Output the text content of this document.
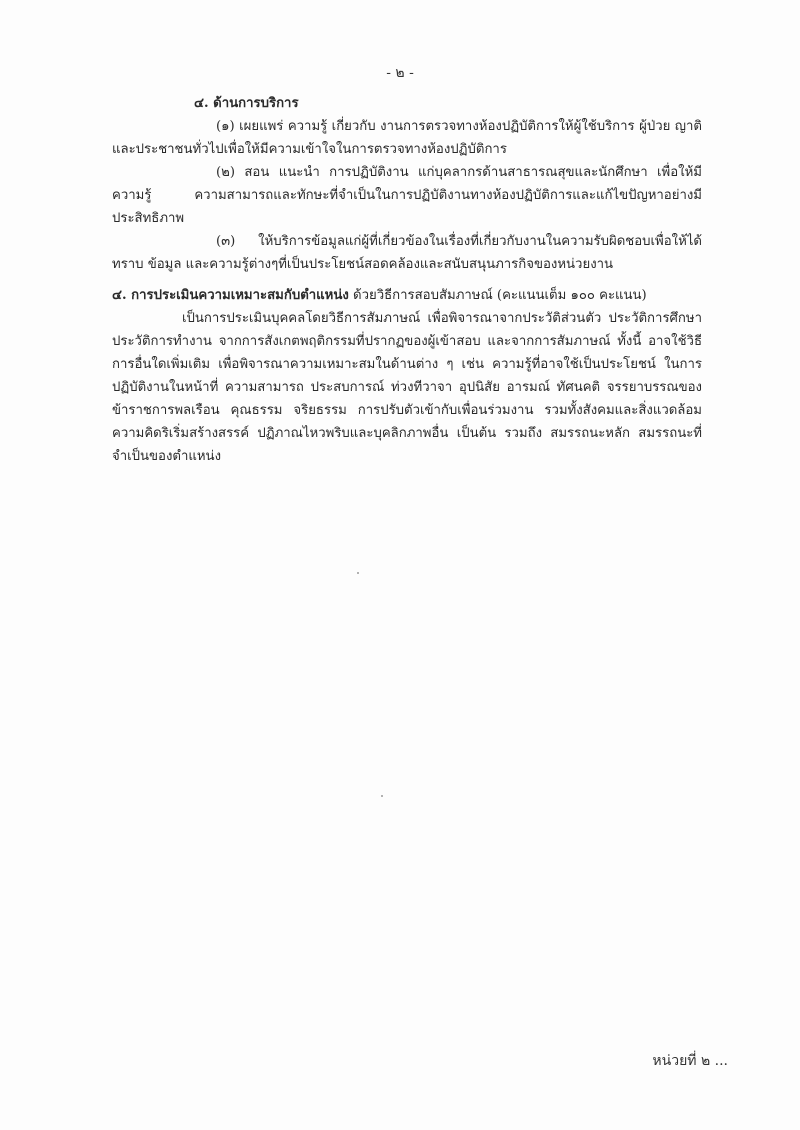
- ๒ -

๔. ด้านการบริการ

(๑) เผยแพร่ ความรู้ เกี่ยวกับ งานการตรวจทางห้องปฏิบัติการให้ผู้ใช้บริการ ผู้ป่วย ญาติ และประชาชนทั่วไปเพื่อให้มีความเข้าใจในการตรวจทางห้องปฏิบัติการ

(๒) สอน แนะนำ การปฏิบัติงาน แก่บุคลากรด้านสาธารณสุขและนักศึกษา เพื่อให้มีความรู้ ความสามารถและทักษะที่จำเป็นในการปฏิบัติงานทางห้องปฏิบัติการและแก้ไขปัญหาอย่างมีประสิทธิภาพ

(๓) ให้บริการข้อมูลแก่ผู้ที่เกี่ยวข้องในเรื่องที่เกี่ยวกับงานในความรับผิดชอบเพื่อให้ได้ทราบ ข้อมูล และความรู้ต่างๆที่เป็นประโยชน์สอดคล้องและสนับสนุนภารกิจของหน่วยงาน

๔. การประเมินความเหมาะสมกับตำแหน่ง ด้วยวิธีการสอบสัมภาษณ์ (คะแนนเต็ม ๑๐๐ คะแนน)

เป็นการประเมินบุคคลโดยวิธีการสัมภาษณ์ เพื่อพิจารณาจากประวัติส่วนตัว ประวัติการศึกษา ประวัติการทำงาน จากการสังเกตพฤติกรรมที่ปรากฏของผู้เข้าสอบ และจากการสัมภาษณ์ ทั้งนี้ อาจใช้วิธีการอื่นใดเพิ่มเติม เพื่อพิจารณาความเหมาะสมในด้านต่าง ๆ เช่น ความรู้ที่อาจใช้เป็นประโยชน์ ในการปฏิบัติงานในหน้าที่ ความสามารถ ประสบการณ์ ท่วงทีวาจา อุปนิสัย อารมณ์ ทัศนคติ จรรยาบรรณของ ข้าราชการพลเรือน คุณธรรม จริยธรรม การปรับตัวเข้ากับเพื่อนร่วมงาน รวมทั้งสังคมและสิ่งแวดล้อม ความคิดริเริ่มสร้างสรรค์ ปฏิภาณไหวพริบและบุคลิกภาพอื่น เป็นต้น รวมถึง สมรรถนะหลัก สมรรถนะที่ จำเป็นของตำแหน่ง

หน่วยที่ ๒ ...
